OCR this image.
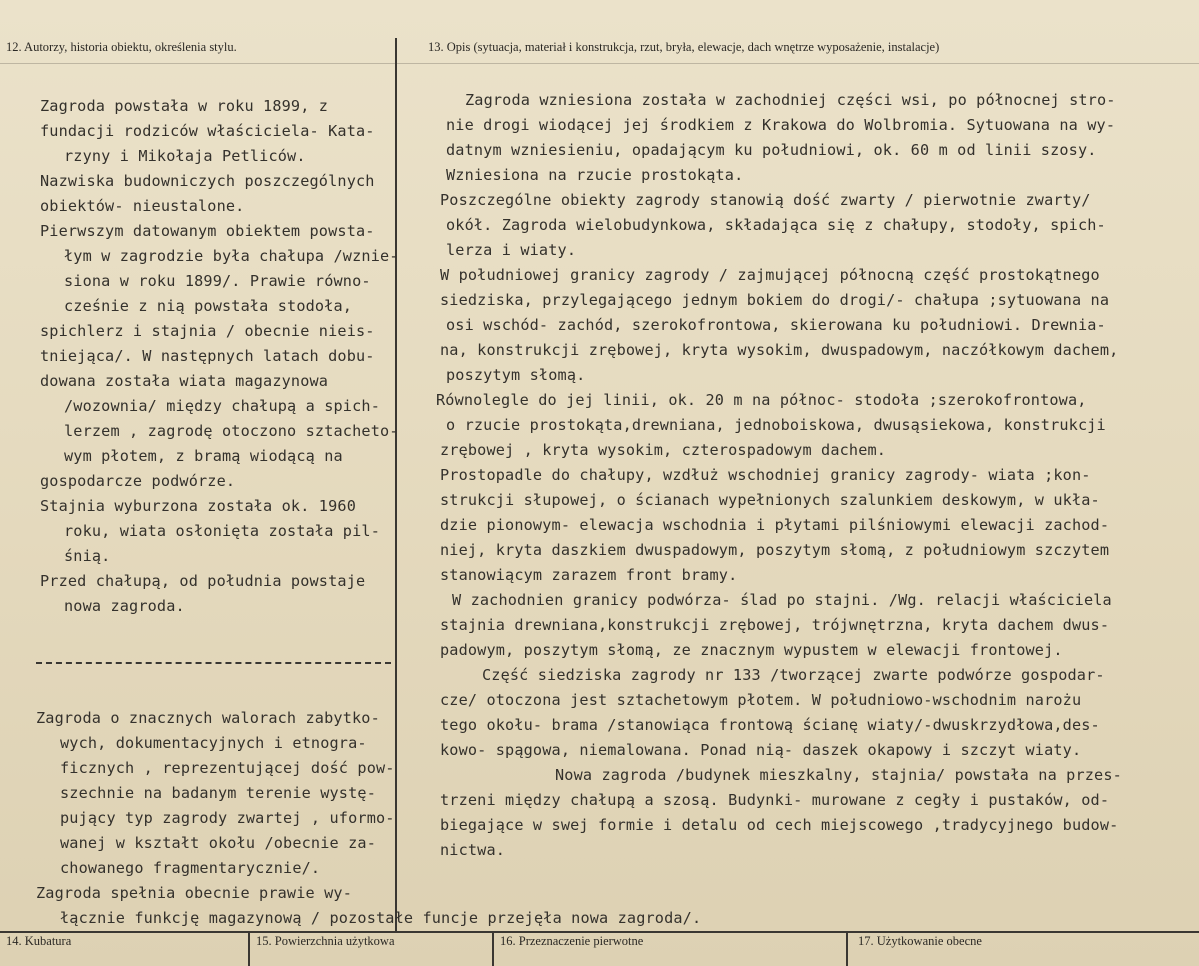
12. Autorzy, historia obiektu, określenia stylu.	13. Opis (sytuacja, materiał i konstrukcja, rzut, bryła, elewacje, dach wnętrze wyposażenie, instalacje)
Zagroda powstała w roku 1899, z
fundacji rodziców właściciela- Kata-
rzyny i Mikołaja Petliców.
Nazwiska budowniczych poszczególnych
obiektów- nieustalone.
Pierwszym datowanym obiektem powsta-
łym w zagrodzie była chałupa /wznie-
siona w roku 1899/. Prawie równo-
cześnie z nią powstała stodoła,
spichlerz i stajnia / obecnie nieis-
tniejąca/. W następnych latach dobu-
dowana została wiata magazynowa
/wozownia/ między chałupą a spich-
lerzem , zagrodę otoczono sztacheto-
wym płotem, z bramą wiodącą na
gospodarcze podwórze.
Stajnia wyburzona została ok. 1960
roku, wiata osłonięta została pil-
śnią.
Przed chałupą, od południa powstaje
nowa zagroda.
Zagroda o znacznych walorach zabytko-
wych, dokumentacyjnych i etnogra-
ficznych , reprezentującej dość pow-
szechnie na badanym terenie wystę-
pujący typ zagrody zwartej , uformo-
wanej w kształt okołu /obecnie za-
chowanego fragmentarycznie/.
Zagroda spełnia obecnie prawie wy-
łącznie funkcję magazynową / pozostałe funcje przejęła nowa zagroda/.
Zagroda wzniesiona została w zachodniej części wsi, po północnej stro-
nie drogi wiodącej jej środkiem z Krakowa do Wolbromia. Sytuowana na wy-
datnym wzniesieniu, opadającym ku południowi, ok. 60 m od linii szosy.
Wzniesiona na rzucie prostokąta.
Poszczególne obiekty zagrody stanowią dość zwarty / pierwotnie zwarty/
okół. Zagroda wielobudynkowa, składająca się z chałupy, stodoły, spich-
lerza i wiaty.
W południowej granicy zagrody / zajmującej północną część prostokątnego
siedziska, przylegającego jednym bokiem do drogi/- chałupa ;sytuowana na
osi wschód- zachód, szerokofrontowa, skierowana ku południowi. Drewnia-
na, konstrukcji zrębowej, kryta wysokim, dwuspadowym, naczółkowym dachem,
poszytym słomą.
Równolegle do jej linii, ok. 20 m na północ- stodoła ;szerokofrontowa,
o rzucie prostokąta,drewniana, jednoboiskowa, dwusąsiekowa, konstrukcji
zrębowej , kryta wysokim, czterospadowym dachem.
Prostopadle do chałupy, wzdłuż wschodniej granicy zagrody- wiata ;kon-
strukcji słupowej, o ścianach wypełnionych szalunkiem deskowym, w ukła-
dzie pionowym- elewacja wschodnia i płytami pilśniowymi elewacji zachod-
niej, kryta daszkiem dwuspadowym, poszytym słomą, z południowym szczytem
stanowiącym zarazem front bramy.
W zachodnien granicy podwórza- ślad po stajni. /Wg. relacji właściciela
stajnia drewniana,konstrukcji zrębowej, trójwnętrzna, kryta dachem dwus-
padowym, poszytym słomą, ze znacznym wypustem w elewacji frontowej.
Część siedziska zagrody nr 133 /tworzącej zwarte podwórze gospodar-
cze/ otoczona jest sztachetowym płotem. W południowo-wschodnim narożu
tego okołu- brama /stanowiąca frontową ścianę wiaty/-dwuskrzydłowa,des-
kowo- spągowa, niemalowana. Ponad nią- daszek okapowy i szczyt wiaty.
Nowa zagroda /budynek mieszkalny, stajnia/ powstała na przes-
trzeni między chałupą a szosą. Budynki- murowane z cegły i pustaków, od-
biegające w swej formie i detalu od cech miejscowego ,tradycyjnego budow-
nictwa.
14. Kubatura	15. Powierzchnia użytkowa	16. Przeznaczenie pierwotne	17. Użytkowanie obecne
